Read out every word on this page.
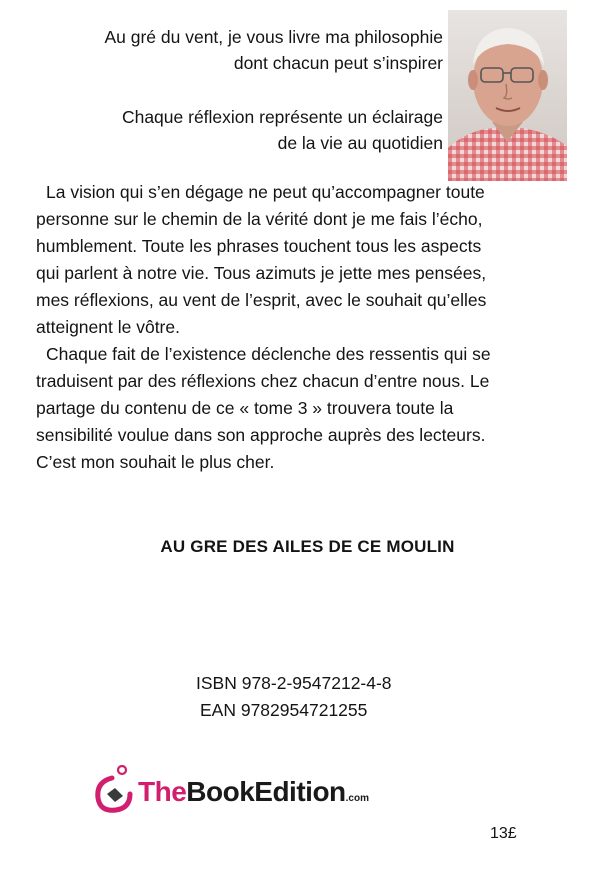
Au gré du vent, je vous livre ma philosophie
dont chacun peut s’inspirer
Chaque réflexion représente un éclairage
de la vie au quotidien

La vision qui s’en dégage ne peut qu’accompagner toute
personne sur le chemin de la vérité dont je me fais l’écho,
humblement. Toute les phrases touchent tous les aspects
qui parlent à notre vie. Tous azimuts je jette mes pensées,
mes réflexions, au vent de l’esprit, avec le souhait qu’elles
atteignent le vôtre.

Chaque fait de l’existence déclenche des ressentis qui se
traduisent par des réflexions chez chacun d’entre nous. Le
partage du contenu de ce « tome 3 » trouvera toute la
sensibilité voulue dans son approche auprès des lecteurs.
C’est mon souhait le plus cher.

AU GRE DES AILES DE CE MOULIN
ISBN 978-2-9547212-4-8
EAN 9782954721255
TheBookEdition.com
13£
